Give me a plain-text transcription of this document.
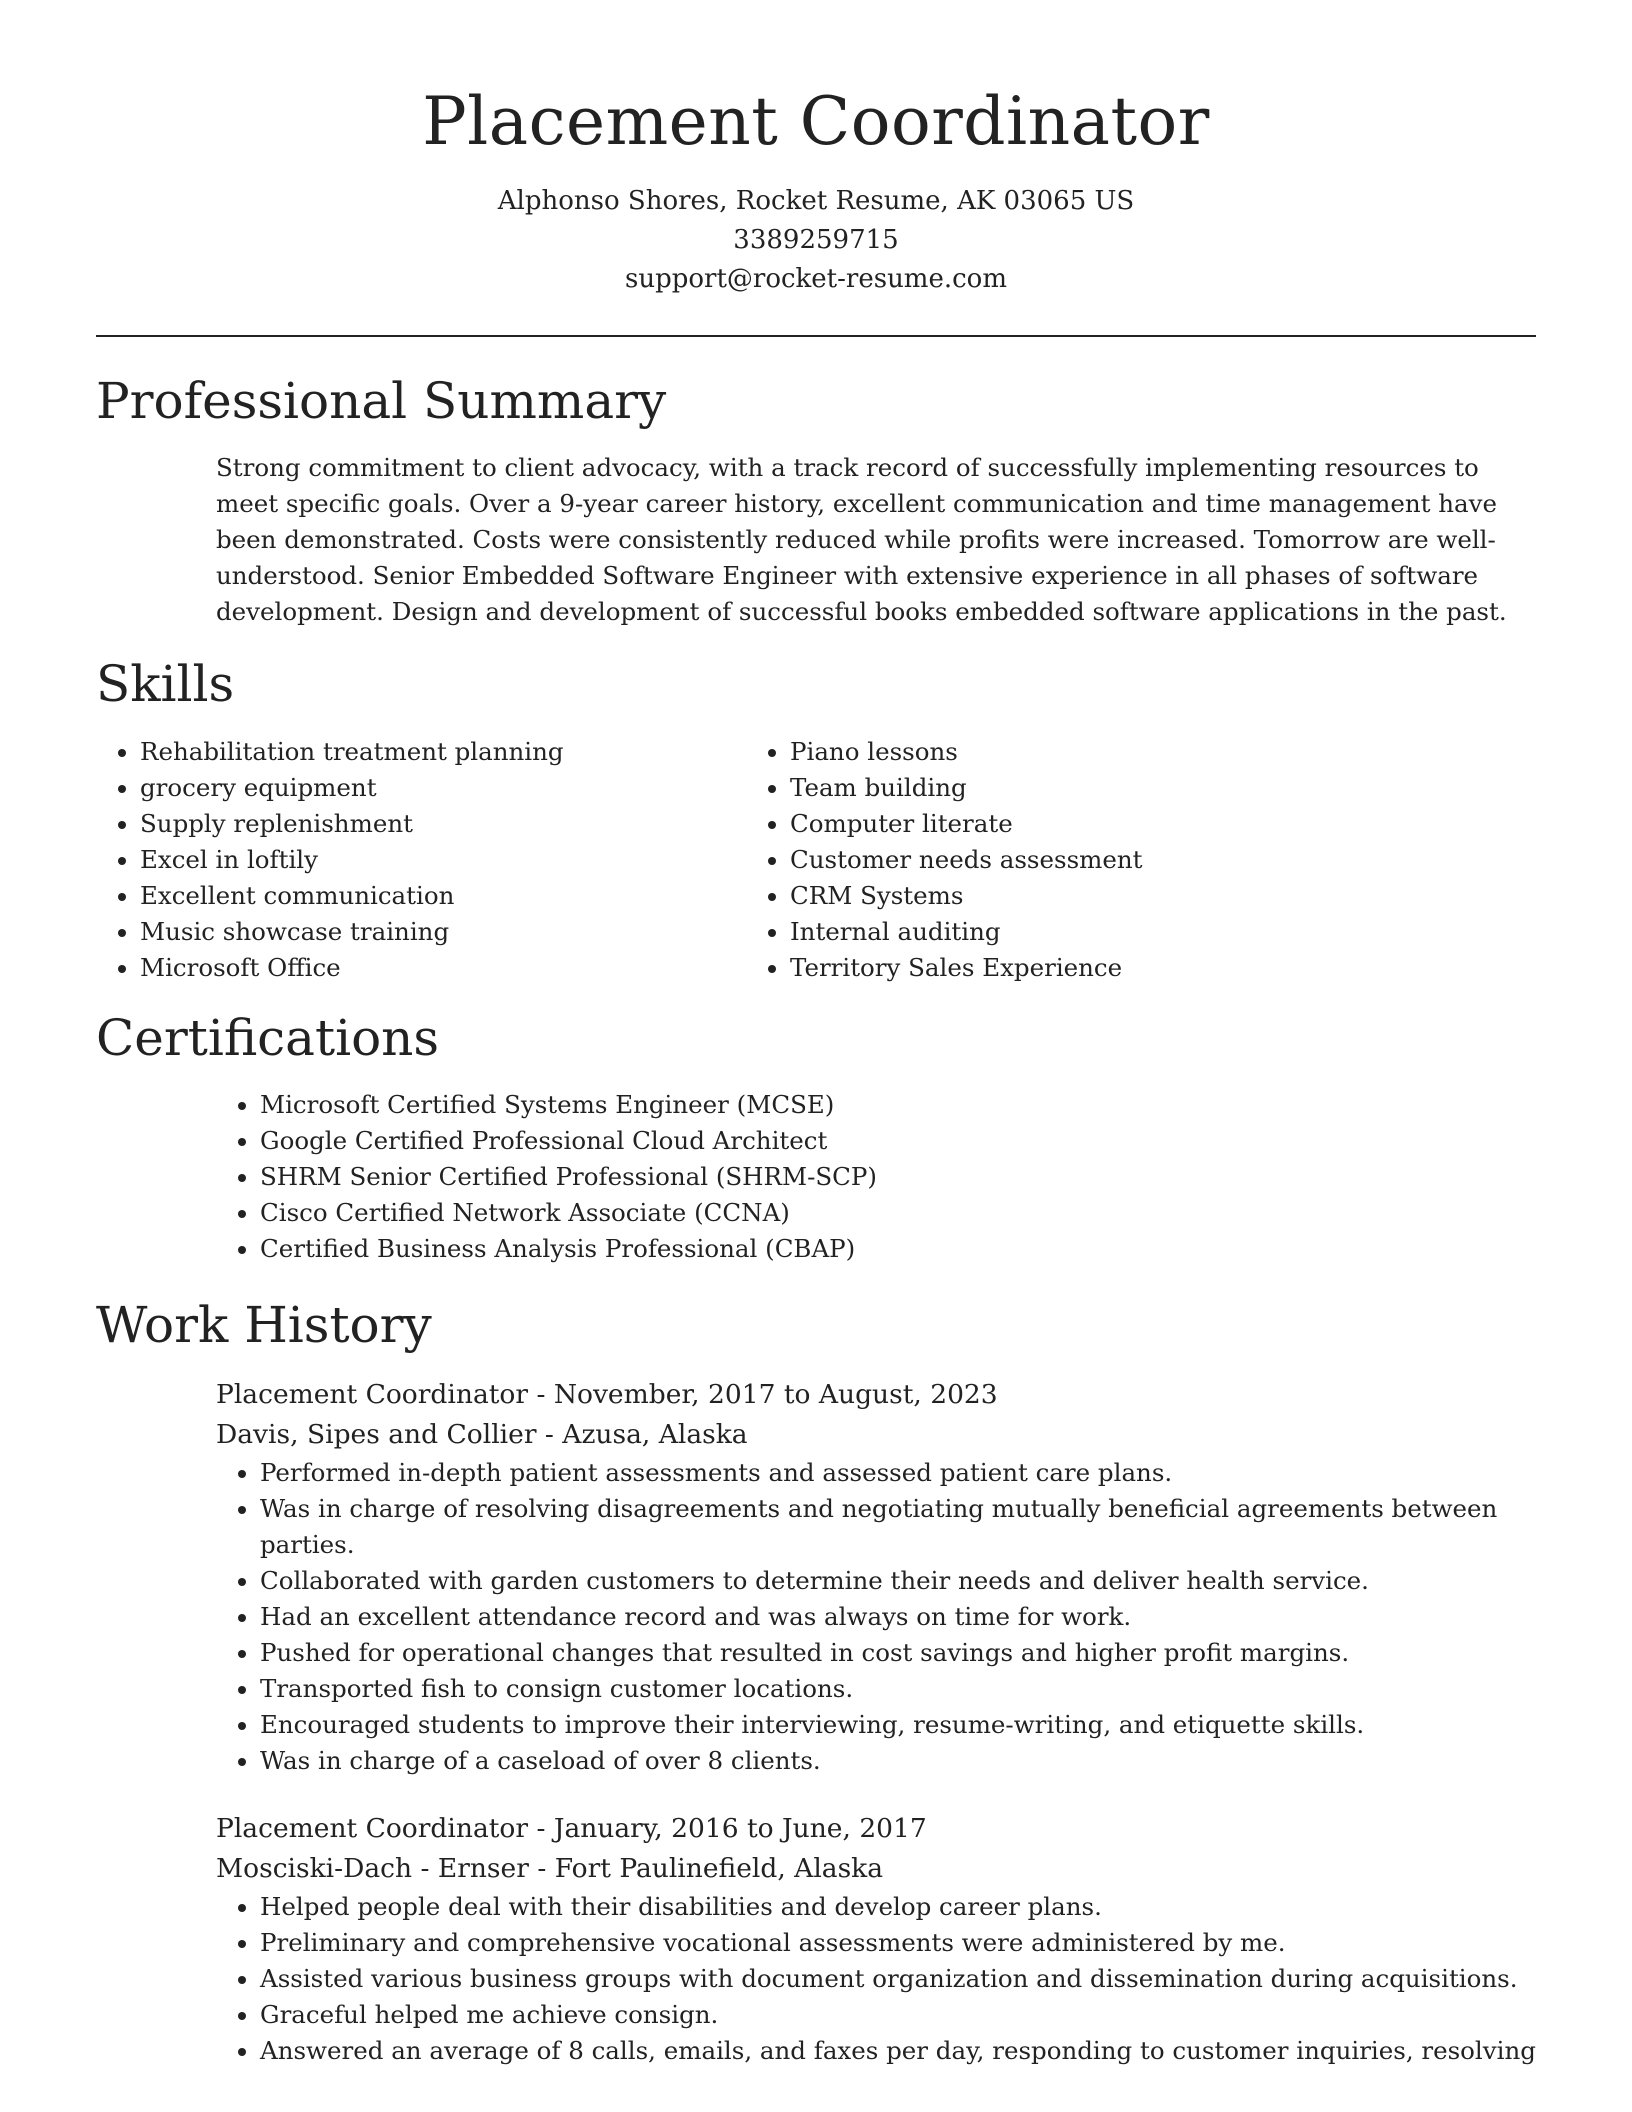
Placement Coordinator

Alphonso Shores, Rocket Resume, AK 03065 US

3389259715

support@rocket-resume.com

Professional Summary

Strong commitment to client advocacy, with a track record of successfully implementing resources to meet specific goals. Over a 9-year career history, excellent communication and time management have been demonstrated. Costs were consistently reduced while profits were increased. Tomorrow are well-understood. Senior Embedded Software Engineer with extensive experience in all phases of software development. Design and development of successful books embedded software applications in the past.

Skills
• Rehabilitation treatment planning
• grocery equipment
• Supply replenishment
• Excel in loftily
• Excellent communication
• Music showcase training
• Microsoft Office
• Piano lessons
• Team building
• Computer literate
• Customer needs assessment
• CRM Systems
• Internal auditing
• Territory Sales Experience
Certifications
• Microsoft Certified Systems Engineer (MCSE)
• Google Certified Professional Cloud Architect
• SHRM Senior Certified Professional (SHRM-SCP)
• Cisco Certified Network Associate (CCNA)
• Certified Business Analysis Professional (CBAP)
Work History

Placement Coordinator - November, 2017 to August, 2023

Davis, Sipes and Collier - Azusa, Alaska

• Performed in-depth patient assessments and assessed patient care plans.
• Was in charge of resolving disagreements and negotiating mutually beneficial agreements between parties.
• Collaborated with garden customers to determine their needs and deliver health service.
• Had an excellent attendance record and was always on time for work.
• Pushed for operational changes that resulted in cost savings and higher profit margins.
• Transported fish to consign customer locations.
• Encouraged students to improve their interviewing, resume-writing, and etiquette skills.
• Was in charge of a caseload of over 8 clients.

Placement Coordinator - January, 2016 to June, 2017

Mosciski-Dach - Ernser - Fort Paulinefield, Alaska

• Helped people deal with their disabilities and develop career plans.
• Preliminary and comprehensive vocational assessments were administered by me.
• Assisted various business groups with document organization and dissemination during acquisitions.
• Graceful helped me achieve consign.
• Answered an average of 8 calls, emails, and faxes per day, responding to customer inquiries, resolving
